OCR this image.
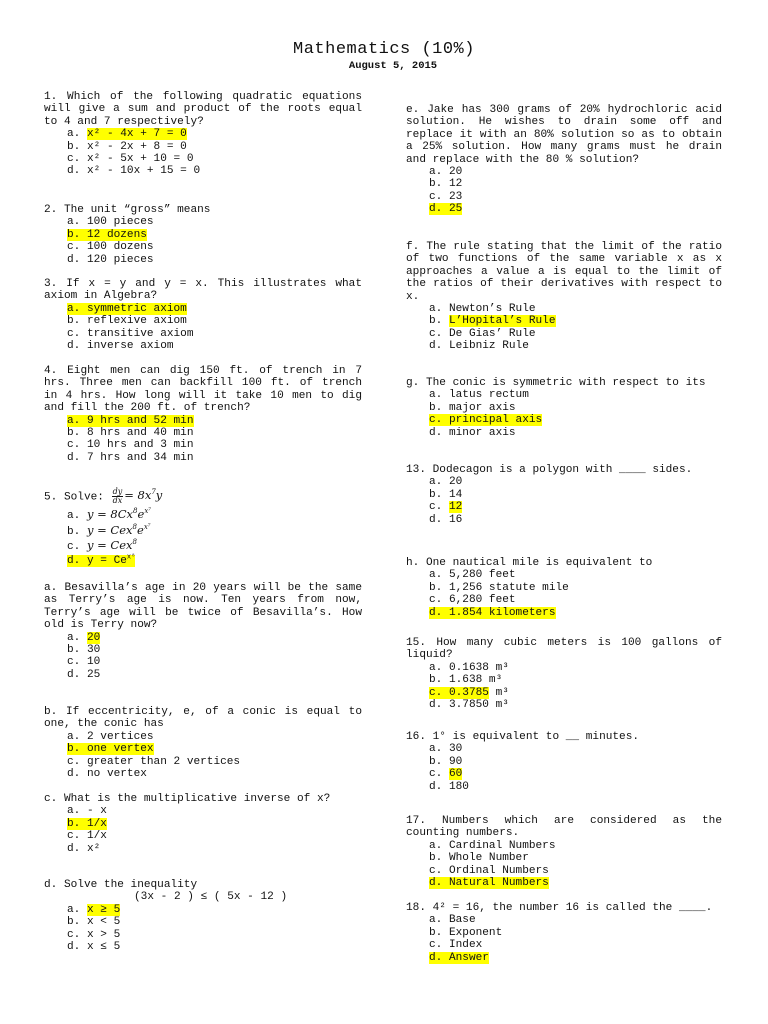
Mathematics (10%)
August 5, 2015
1. Which of the following quadratic equations will give a sum and product of the roots equal to 4 and 7 respectively?
a. x² - 4x + 7 = 0
b. x² - 2x + 8 = 0
c. x² - 5x + 10 = 0
d. x² - 10x + 15 = 0
2. The unit “gross” means
a. 100 pieces
b. 12 dozens
c. 100 dozens
d. 120 pieces
3. If x = y and y = x. This illustrates what axiom in Algebra?
a. symmetric axiom
b. reflexive axiom
c. transitive axiom
d. inverse axiom
4. Eight men can dig 150 ft. of trench in 7 hrs. Three men can backfill 100 ft. of trench in 4 hrs. How long will it take 10 men to dig and fill the 200 ft. of trench?
a. 9 hrs and 52 min
b. 8 hrs and 40 min
c. 10 hrs and 3 min
d. 7 hrs and 34 min
5. Solve: $\frac{dy}{dx} = 8x^7y$
a. $y = 8Cx^8e^{x^7}$
b. $y = Cex^8e^{x^7}$
c. y = Cex$^8$
d. $y = Ce^{x^8}$
a. Besavilla’s age in 20 years will be the same as Terry’s age is now. Ten years from now, Terry’s age will be twice of Besavilla’s. How old is Terry now?
a. 20
b. 30
c. 10
d. 25
b. If eccentricity, e, of a conic is equal to one, the conic has
a. 2 vertices
b. one vertex
c. greater than 2 vertices
d. no vertex
c. What is the multiplicative inverse of x?
a. - x
b. 1/x
c. 1/x
d. x²
d. Solve the inequality
(3x - 2 ) ≤ ( 5x - 12 )
a. x ≥ 5
b. x < 5
c. x > 5
d. x ≤ 5
e. Jake has 300 grams of 20% hydrochloric acid solution. He wishes to drain some off and replace it with an 80% solution so as to obtain a 25% solution. How many grams must he drain and replace with the 80 % solution?
a. 20
b. 12
c. 23
d. 25
f. The rule stating that the limit of the ratio of two functions of the same variable x as x approaches a value a is equal to the limit of the ratios of their derivatives with respect to x.
a. Newton’s Rule
b. L’Hopital’s Rule
c. De Gias’ Rule
d. Leibniz Rule
g. The conic is symmetric with respect to its
a. latus rectum
b. major axis
c. principal axis
d. minor axis
13. Dodecagon is a polygon with ____ sides.
a. 20
b. 14
c. 12
d. 16
h. One nautical mile is equivalent to
a. 5,280 feet
b. 1,256 statute mile
c. 6,280 feet
d. 1.854 kilometers
15. How many cubic meters is 100 gallons of liquid?
a. 0.1638 m³
b. 1.638 m³
c. 0.3785 m³
d. 3.7850 m³
16. 1° is equivalent to __ minutes.
a. 30
b. 90
c. 60
d. 180
17. Numbers which are considered as the counting numbers.
a. Cardinal Numbers
b. Whole Number
c. Ordinal Numbers
d. Natural Numbers
18. 4² = 16, the number 16 is called the ____.
a. Base
b. Exponent
c. Index
d. Answer
